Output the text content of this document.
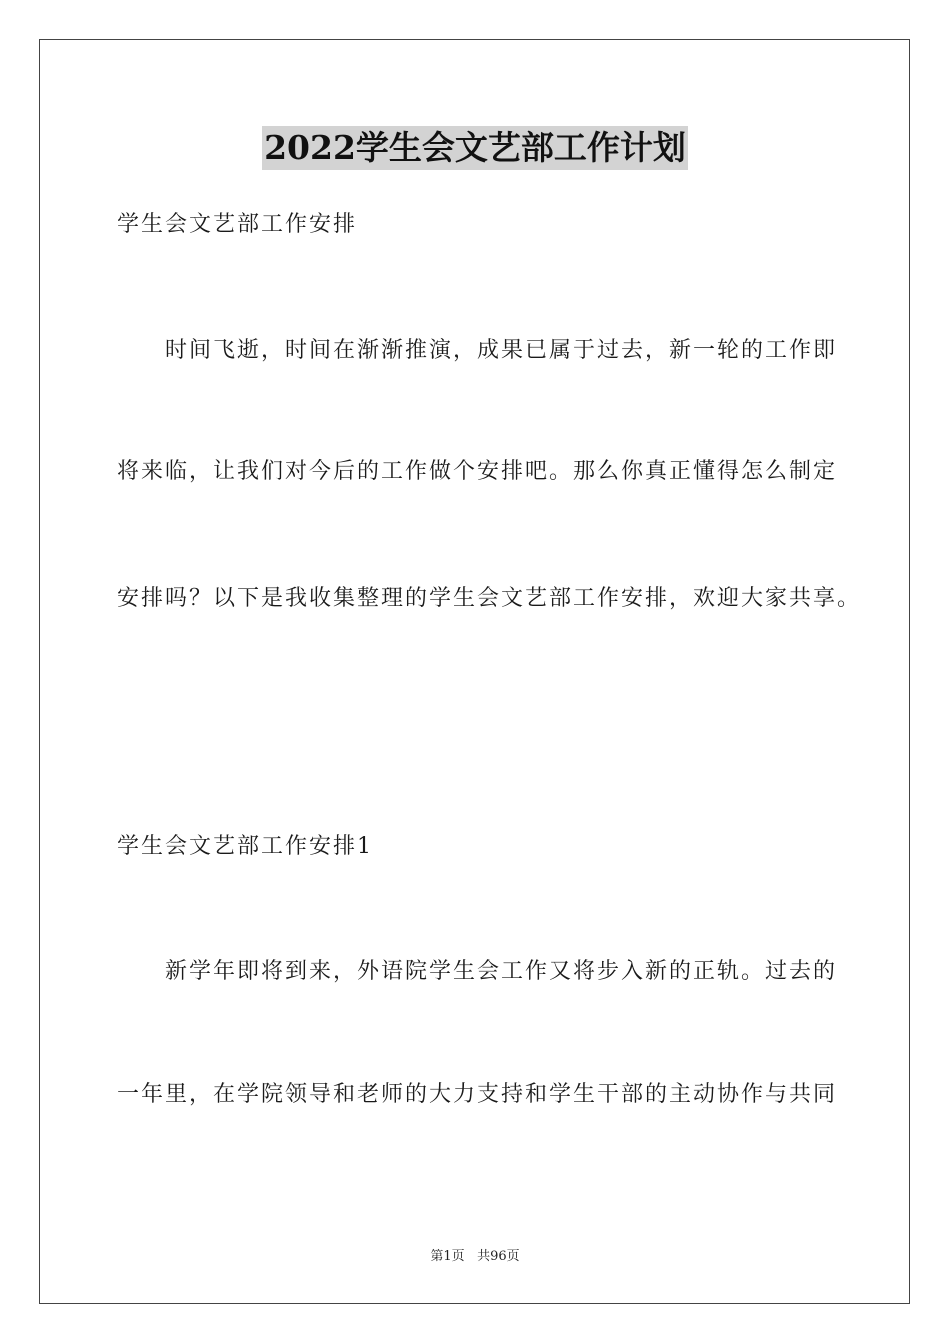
2022学生会文艺部工作计划
学生会文艺部工作安排
时间飞逝，时间在渐渐推演，成果已属于过去，新一轮的工作即
将来临，让我们对今后的工作做个安排吧。那么你真正懂得怎么制定
安排吗？以下是我收集整理的学生会文艺部工作安排，欢迎大家共享。
学生会文艺部工作安排1
新学年即将到来，外语院学生会工作又将步入新的正轨。过去的
一年里，在学院领导和老师的大力支持和学生干部的主动协作与共同
第1页 共96页
